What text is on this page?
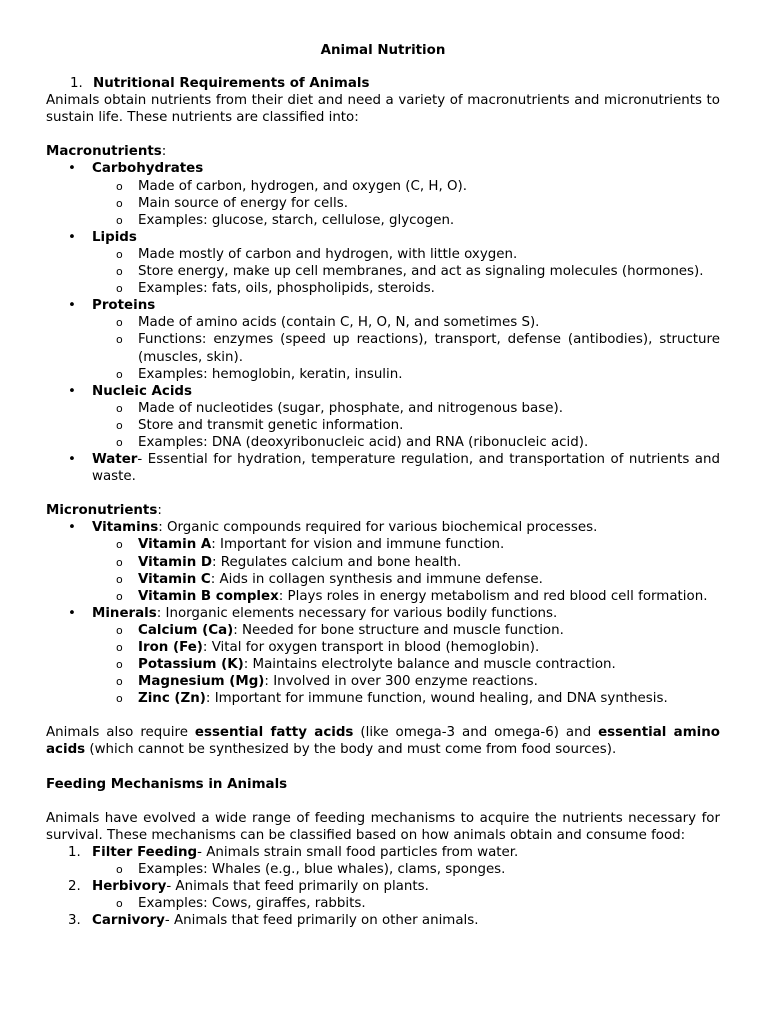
Animal Nutrition
1. Nutritional Requirements of Animals
Animals obtain nutrients from their diet and need a variety of macronutrients and micronutrients to sustain life. These nutrients are classified into:
Macronutrients:
• Carbohydrates
o Made of carbon, hydrogen, and oxygen (C, H, O).
o Main source of energy for cells.
o Examples: glucose, starch, cellulose, glycogen.
• Lipids
o Made mostly of carbon and hydrogen, with little oxygen.
o Store energy, make up cell membranes, and act as signaling molecules (hormones).
o Examples: fats, oils, phospholipids, steroids.
• Proteins
o Made of amino acids (contain C, H, O, N, and sometimes S).
o Functions: enzymes (speed up reactions), transport, defense (antibodies), structure (muscles, skin).
o Examples: hemoglobin, keratin, insulin.
• Nucleic Acids
o Made of nucleotides (sugar, phosphate, and nitrogenous base).
o Store and transmit genetic information.
o Examples: DNA (deoxyribonucleic acid) and RNA (ribonucleic acid).
• Water- Essential for hydration, temperature regulation, and transportation of nutrients and waste.
Micronutrients:
• Vitamins: Organic compounds required for various biochemical processes.
o Vitamin A: Important for vision and immune function.
o Vitamin D: Regulates calcium and bone health.
o Vitamin C: Aids in collagen synthesis and immune defense.
o Vitamin B complex: Plays roles in energy metabolism and red blood cell formation.
• Minerals: Inorganic elements necessary for various bodily functions.
o Calcium (Ca): Needed for bone structure and muscle function.
o Iron (Fe): Vital for oxygen transport in blood (hemoglobin).
o Potassium (K): Maintains electrolyte balance and muscle contraction.
o Magnesium (Mg): Involved in over 300 enzyme reactions.
o Zinc (Zn): Important for immune function, wound healing, and DNA synthesis.
Animals also require essential fatty acids (like omega-3 and omega-6) and essential amino acids (which cannot be synthesized by the body and must come from food sources).
Feeding Mechanisms in Animals
Animals have evolved a wide range of feeding mechanisms to acquire the nutrients necessary for survival. These mechanisms can be classified based on how animals obtain and consume food:
1. Filter Feeding- Animals strain small food particles from water.
o Examples: Whales (e.g., blue whales), clams, sponges.
2. Herbivory- Animals that feed primarily on plants.
o Examples: Cows, giraffes, rabbits.
3. Carnivory- Animals that feed primarily on other animals.
